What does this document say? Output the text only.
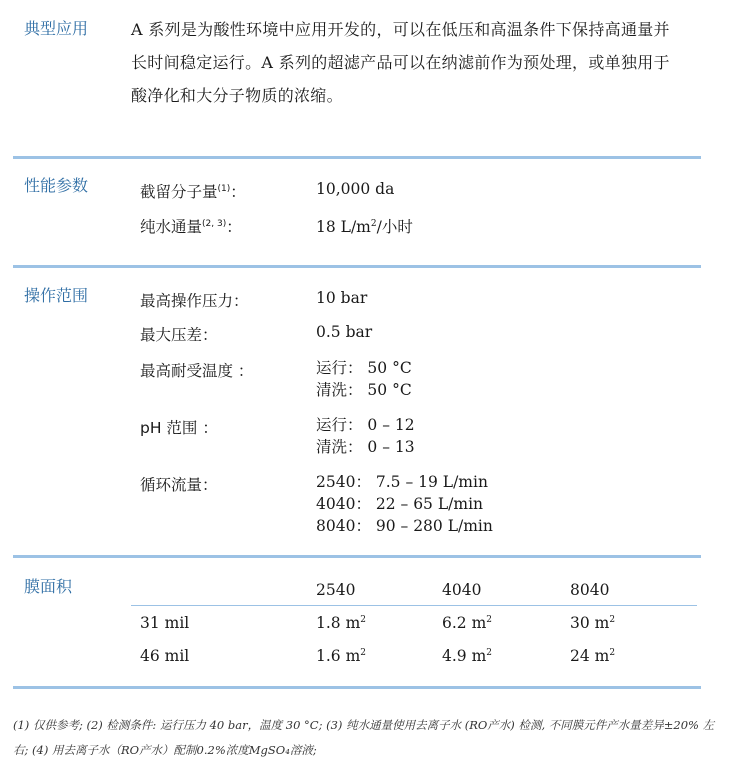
典型应用	A 系列是为酸性环境中应用开发的，可以在低压和高温条件下保持高通量并
长时间稳定运行。A 系列的超滤产品可以在纳滤前作为预处理，或单独用于
酸净化和大分子物质的浓缩。
性能参数	截留分子量$^{(1)}$：	10,000 da
纯水通量$^{(2, 3)}$：	18 $L/m^2/$小时
操作范围	最高操作压力：	10 bar
最大压差：	0.5 bar
最高耐受温度 ：	运行： 50 °C
清洗： 50 °C
pH 范围 ：	运行： 0 – 12
清洗： 0 – 13
循环流量：	2540： 7.5 – 19 L/min
4040： 22 – 65 L/min
8040： 90 – 280 L/min
膜面积	2540	4040	8040
31 mil	1.8 $m^2$	6.2 $m^2$	30 $m^2$
46 mil	1.6 $m^2$	4.9 $m^2$	24 $m^2$
(1) 仅供参考; (2) 检测条件: 运行压力 40 bar，温度 30 °C; (3) 纯水通量使用去离子水 (RO产水) 检测, 不同膜元件产水量差异±20% 左
右; (4) 用去离子水（RO产水）配制0.2%浓度MgSO₄溶液;
